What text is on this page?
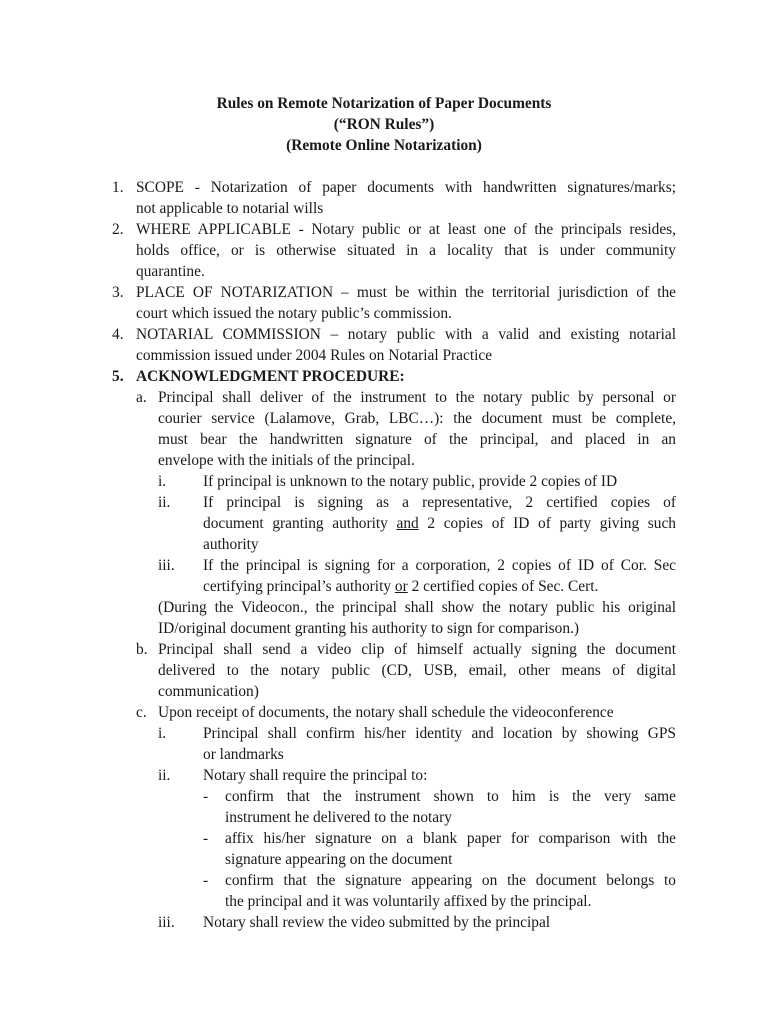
Rules on Remote Notarization of Paper Documents
(“RON Rules”)
(Remote Online Notarization)
1. SCOPE - Notarization of paper documents with handwritten signatures/marks;
not applicable to notarial wills
2. WHERE APPLICABLE - Notary public or at least one of the principals resides,
holds office, or is otherwise situated in a locality that is under community
quarantine.
3. PLACE OF NOTARIZATION – must be within the territorial jurisdiction of the
court which issued the notary public’s commission.
4. NOTARIAL COMMISSION – notary public with a valid and existing notarial
commission issued under 2004 Rules on Notarial Practice
5. ACKNOWLEDGMENT PROCEDURE:
a. Principal shall deliver of the instrument to the notary public by personal or
courier service (Lalamove, Grab, LBC…): the document must be complete,
must bear the handwritten signature of the principal, and placed in an
envelope with the initials of the principal.
i. If principal is unknown to the notary public, provide 2 copies of ID
ii. If principal is signing as a representative, 2 certified copies of
document granting authority and 2 copies of ID of party giving such
authority
iii. If the principal is signing for a corporation, 2 copies of ID of Cor. Sec
certifying principal’s authority or 2 certified copies of Sec. Cert.
(During the Videocon., the principal shall show the notary public his original
ID/original document granting his authority to sign for comparison.)
b. Principal shall send a video clip of himself actually signing the document
delivered to the notary public (CD, USB, email, other means of digital
communication)
c. Upon receipt of documents, the notary shall schedule the videoconference
i. Principal shall confirm his/her identity and location by showing GPS
or landmarks
ii. Notary shall require the principal to:
- confirm that the instrument shown to him is the very same
instrument he delivered to the notary
- affix his/her signature on a blank paper for comparison with the
signature appearing on the document
- confirm that the signature appearing on the document belongs to
the principal and it was voluntarily affixed by the principal.
iii. Notary shall review the video submitted by the principal
